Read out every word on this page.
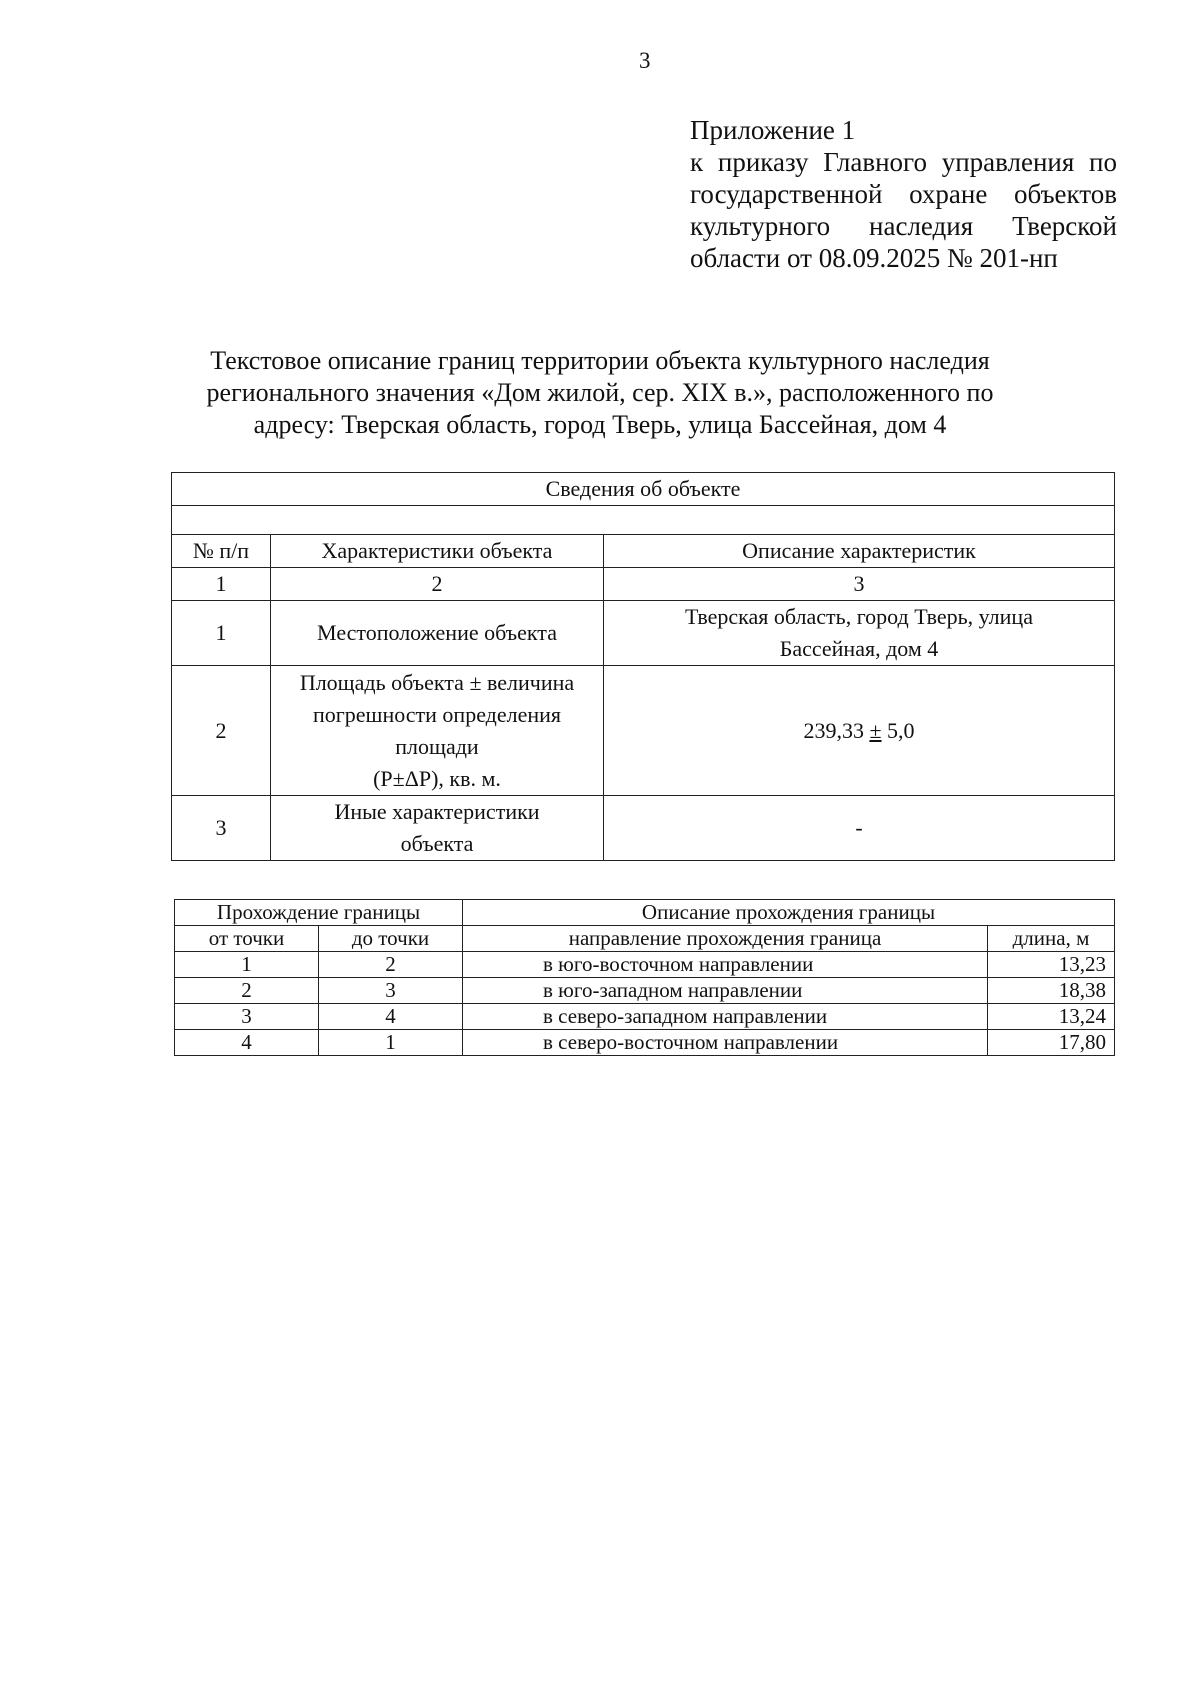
3
Приложение 1
к приказу Главного управления по
государственной охране объектов
культурного наследия Тверской
области от 08.09.2025 № 201-нп
Текстовое описание границ территории объекта культурного наследия
регионального значения «Дом жилой, сер. XIX в.», расположенного по
адресу: Тверская область, город Тверь, улица Бассейная, дом 4
Сведения об объекте		

№ п/п	Характеристики объекта	Описание характеристик
1	2	3
1	Местоположение объекта	Тверская область, город Тверь, улица
Бассейная, дом 4

2	Площадь объекта ± величина
погрешности определения
площади
(Р±ΔР), кв. м.	239,33 ± 5,0
3	Иные характеристики
объекта	-
Прохождение границы		Описание прохождения границы	
от точки	до точки	направление прохождения граница	длина, м
1	2	в юго-восточном направлении	13,23
2	3	в юго-западном направлении	18,38
3	4	в северо-западном направлении	13,24
4	1	в северо-восточном направлении	17,80
